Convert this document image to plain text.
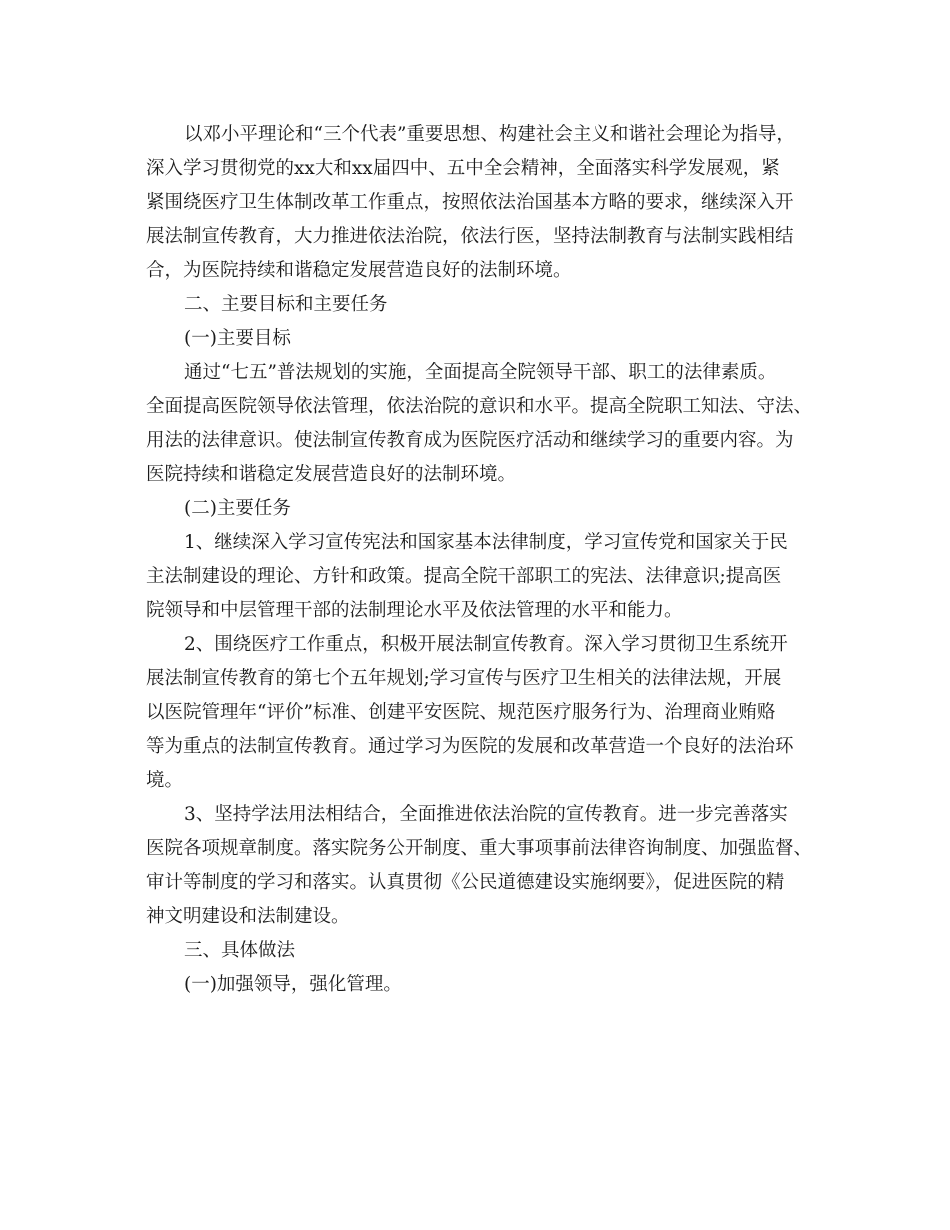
以邓小平理论和“三个代表”重要思想、构建社会主义和谐社会理论为指导，
深入学习贯彻党的xx大和xx届四中、五中全会精神，全面落实科学发展观，紧
紧围绕医疗卫生体制改革工作重点，按照依法治国基本方略的要求，继续深入开
展法制宣传教育，大力推进依法治院，依法行医，坚持法制教育与法制实践相结
合，为医院持续和谐稳定发展营造良好的法制环境。
二、主要目标和主要任务
(一)主要目标
通过“七五”普法规划的实施，全面提高全院领导干部、职工的法律素质。
全面提高医院领导依法管理，依法治院的意识和水平。提高全院职工知法、守法、
用法的法律意识。使法制宣传教育成为医院医疗活动和继续学习的重要内容。为
医院持续和谐稳定发展营造良好的法制环境。
(二)主要任务
1、继续深入学习宣传宪法和国家基本法律制度，学习宣传党和国家关于民
主法制建设的理论、方针和政策。提高全院干部职工的宪法、法律意识;提高医
院领导和中层管理干部的法制理论水平及依法管理的水平和能力。
2、围绕医疗工作重点，积极开展法制宣传教育。深入学习贯彻卫生系统开
展法制宣传教育的第七个五年规划;学习宣传与医疗卫生相关的法律法规，开展
以医院管理年“评价”标准、创建平安医院、规范医疗服务行为、治理商业贿赂
等为重点的法制宣传教育。通过学习为医院的发展和改革营造一个良好的法治环
境。
3、坚持学法用法相结合，全面推进依法治院的宣传教育。进一步完善落实
医院各项规章制度。落实院务公开制度、重大事项事前法律咨询制度、加强监督、
审计等制度的学习和落实。认真贯彻《公民道德建设实施纲要》，促进医院的精
神文明建设和法制建设。
三、具体做法
(一)加强领导，强化管理。
